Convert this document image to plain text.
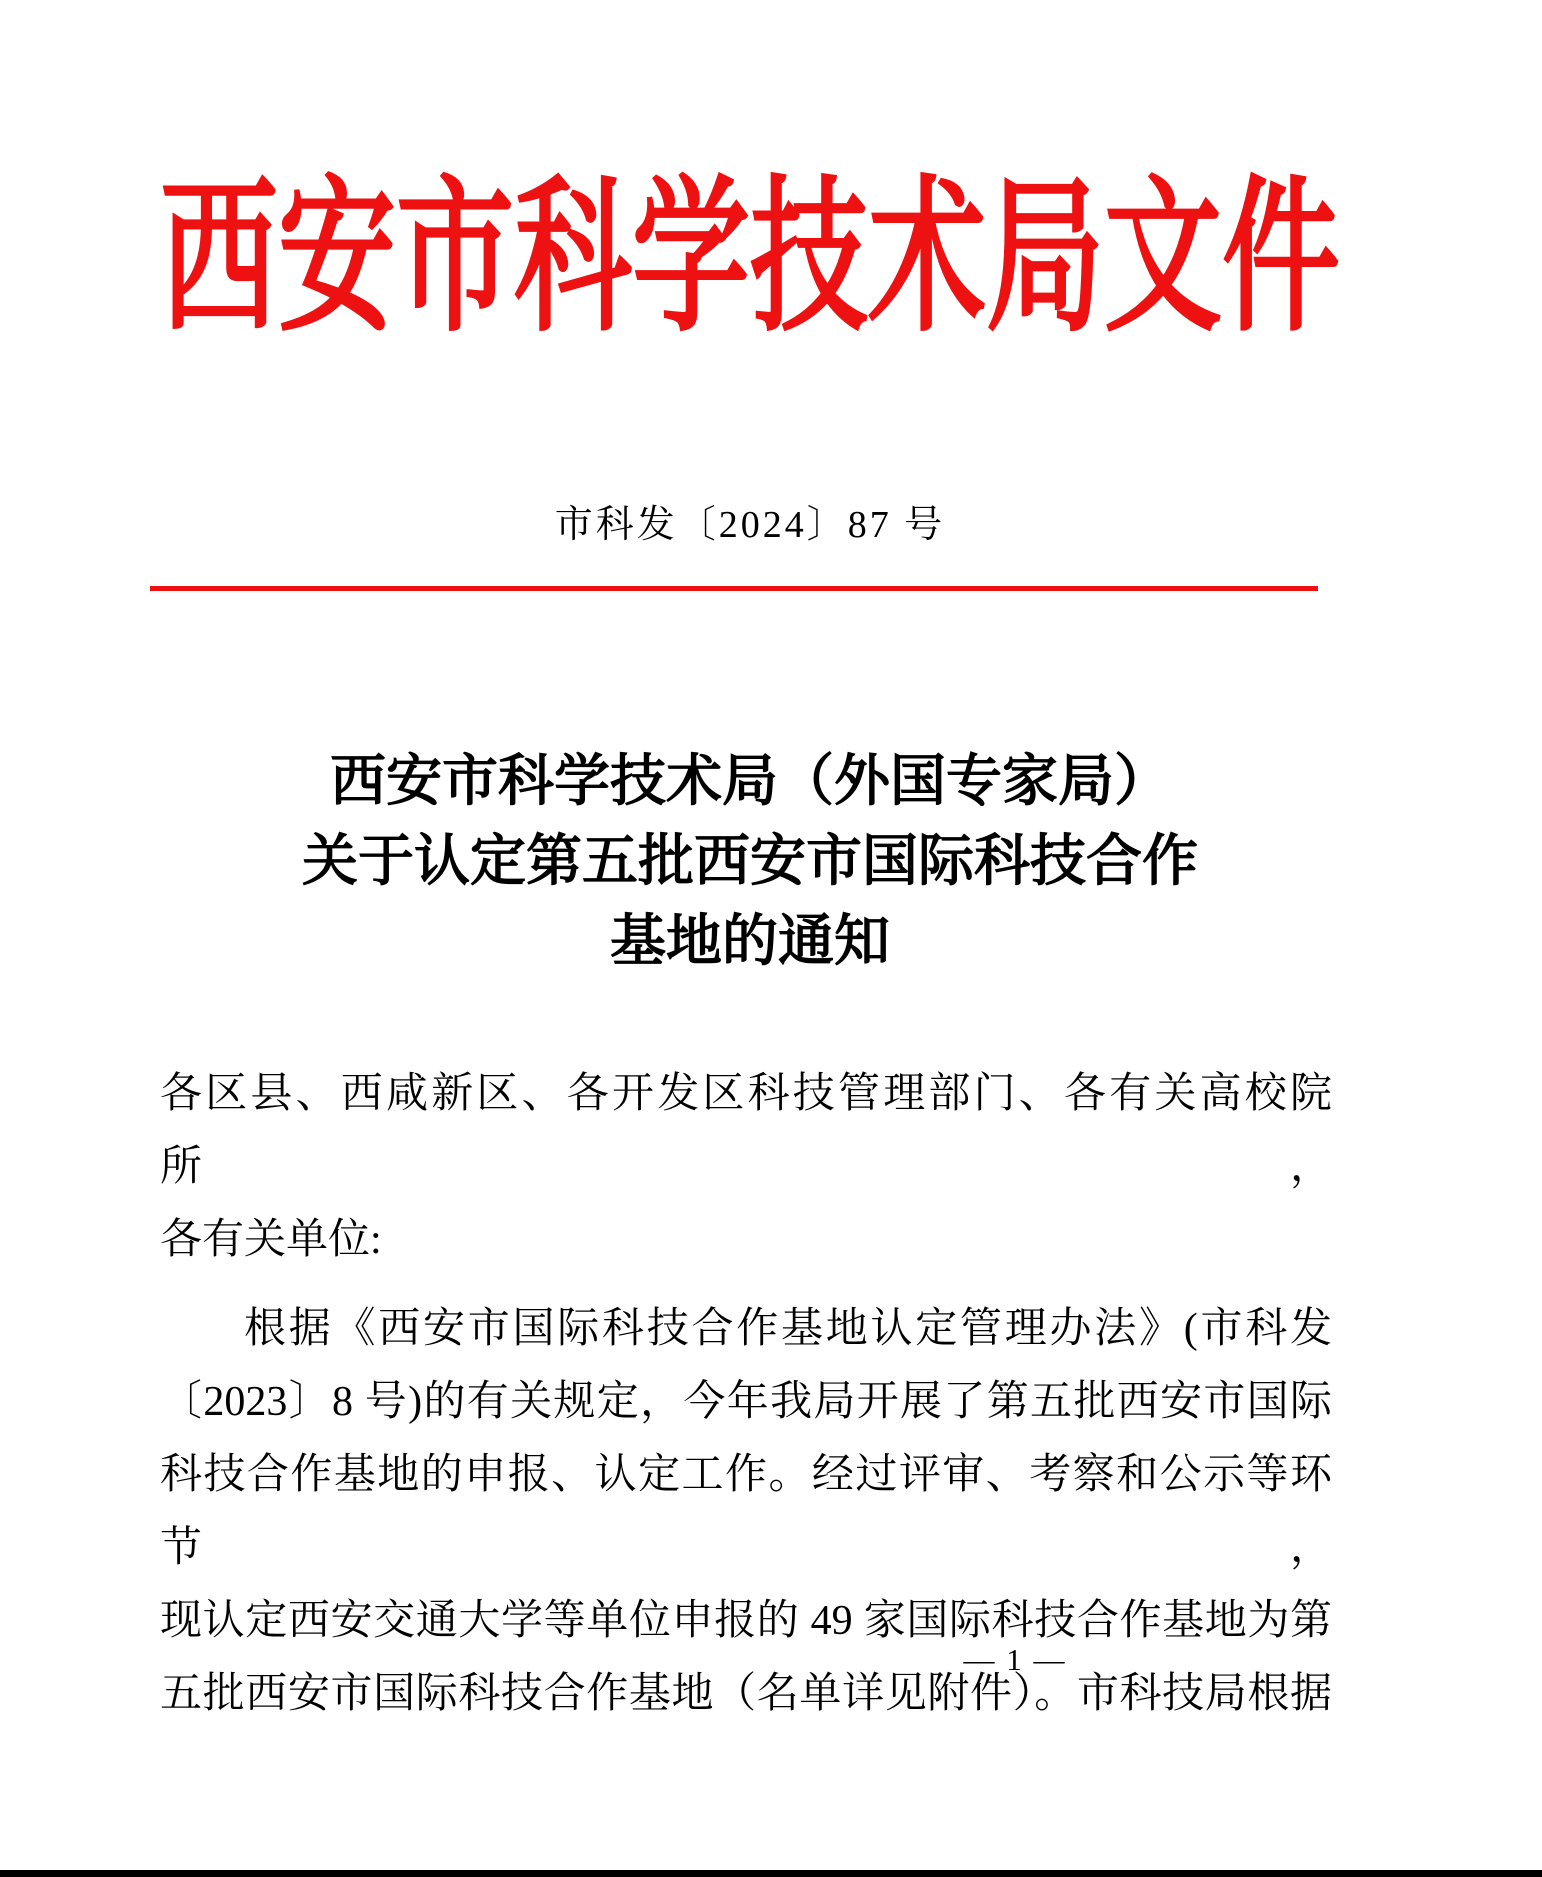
西安市科学技术局文件
市科发〔2024〕87 号
西安市科学技术局（外国专家局）
关于认定第五批西安市国际科技合作
基地的通知
各区县、西咸新区、各开发区科技管理部门、各有关高校院所，
各有关单位:
根据《西安市国际科技合作基地认定管理办法》(市科发
〔2023〕8 号)的有关规定，今年我局开展了第五批西安市国际
科技合作基地的申报、认定工作。经过评审、考察和公示等环节，
现认定西安交通大学等单位申报的 49 家国际科技合作基地为第
五批西安市国际科技合作基地（名单详见附件）。市科技局根据
— 1 —
